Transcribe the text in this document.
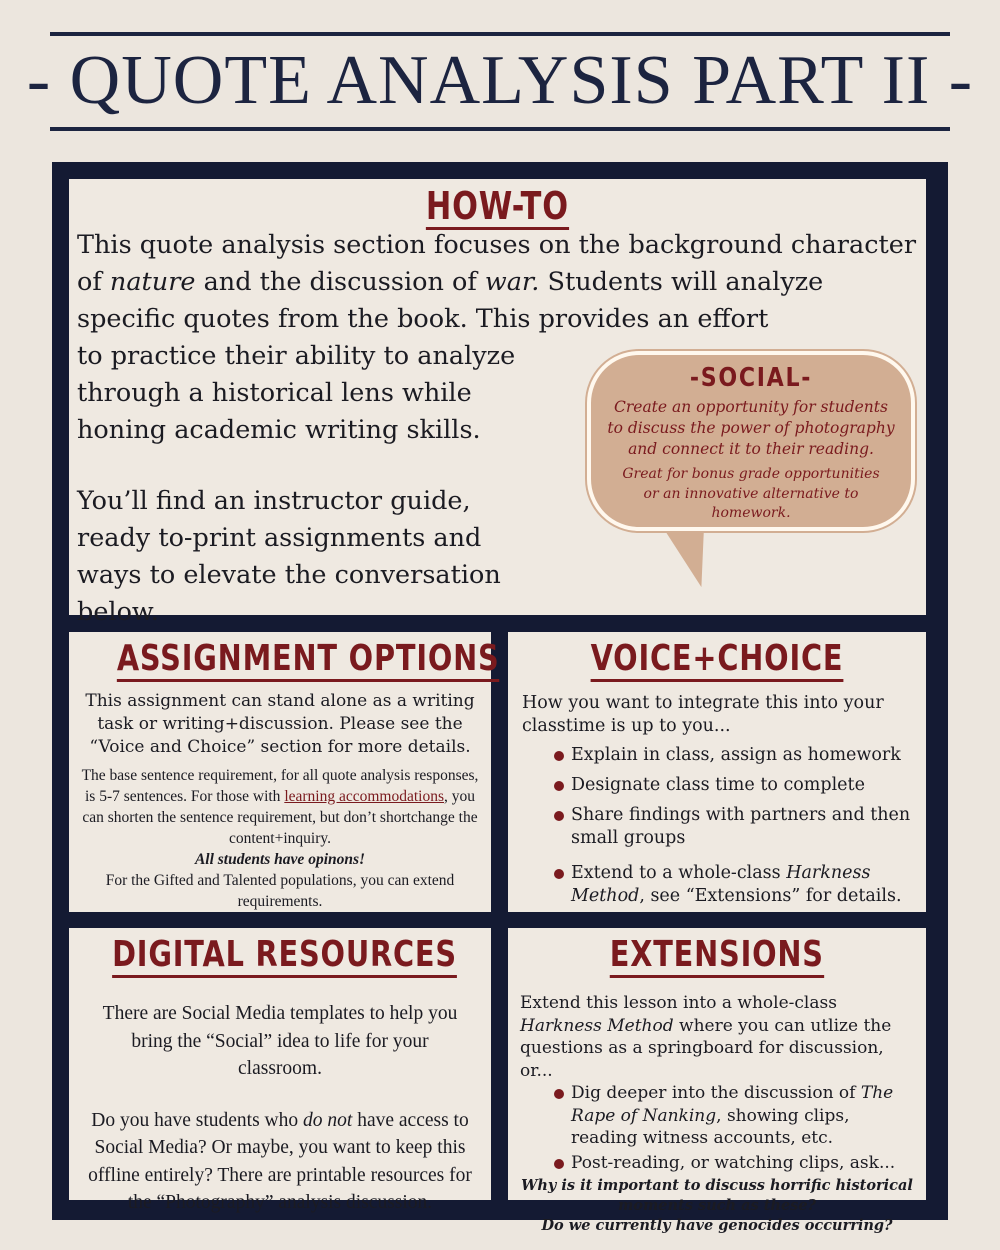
- QUOTE ANALYSIS PART II -
HOW-TO

This quote analysis section focuses on the background character of nature and the discussion of war. Students will analyze specific quotes from the book. This provides an effort

to practice their ability to analyze through a historical lens while honing academic writing skills.

You’ll find an instructor guide, ready to-print assignments and ways to elevate the conversation below.

-SOCIAL-
Create an opportunity for students to discuss the power of photography and connect it to their reading.
Great for bonus grade opportunities or an innovative alternative to homework.
ASSIGNMENT OPTIONS
This assignment can stand alone as a writing task or writing+discussion. Please see the “Voice and Choice” section for more details.
The base sentence requirement, for all quote analysis responses, is 5-7 sentences. For those with learning accommodations, you can shorten the sentence requirement, but don’t shortchange the content+inquiry.
All students have opinons!
For the Gifted and Talented populations, you can extend requirements.
VOICE+CHOICE
How you want to integrate this into your classtime is up to you...
Explain in class, assign as homework
Designate class time to complete
Share findings with partners and then small groups
Extend to a whole-class Harkness Method, see “Extensions” for details.
DIGITAL RESOURCES
There are Social Media templates to help you bring the “Social” idea to life for your classroom.
Do you have students who do not have access to Social Media? Or maybe, you want to keep this offline entirely? There are printable resources for the “Photography” analysis discussion.
EXTENSIONS
Extend this lesson into a whole-class Harkness Method where you can utlize the questions as a springboard for discussion, or...
Dig deeper into the discussion of The Rape of Nanking, showing clips, reading witness accounts, etc.
Post-reading, or watching clips, ask...
Why is it important to discuss horrific historical moments such as these?
Do we currently have genocides occurring?
